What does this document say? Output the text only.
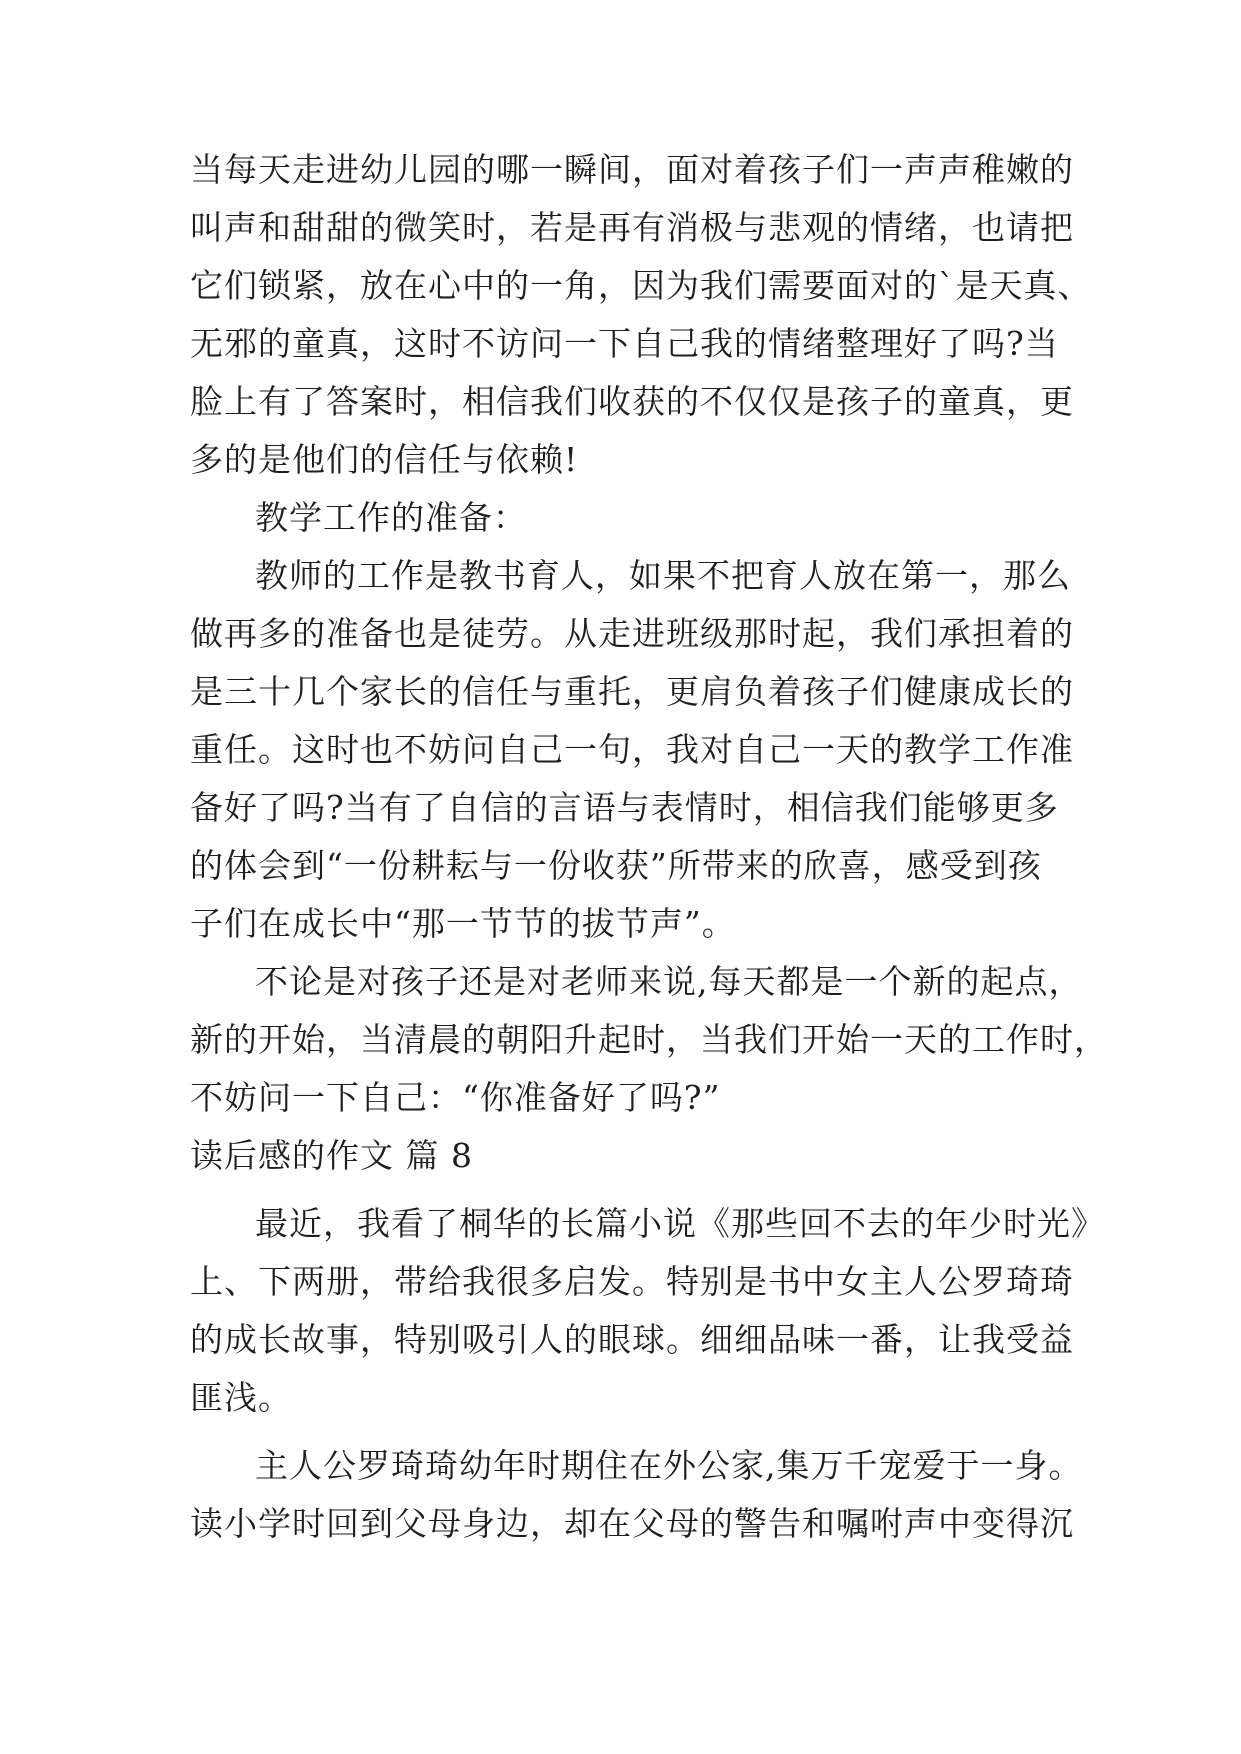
当每天走进幼儿园的哪一瞬间，面对着孩子们一声声稚嫩的
叫声和甜甜的微笑时，若是再有消极与悲观的情绪，也请把
它们锁紧，放在心中的一角，因为我们需要面对的`是天真、
无邪的童真，这时不访问一下自己我的情绪整理好了吗?当
脸上有了答案时，相信我们收获的不仅仅是孩子的童真，更
多的是他们的信任与依赖!
教学工作的准备：
教师的工作是教书育人，如果不把育人放在第一，那么
做再多的准备也是徒劳。从走进班级那时起，我们承担着的
是三十几个家长的信任与重托，更肩负着孩子们健康成长的
重任。这时也不妨问自己一句，我对自己一天的教学工作准
备好了吗?当有了自信的言语与表情时，相信我们能够更多
的体会到“一份耕耘与一份收获”所带来的欣喜，感受到孩
子们在成长中“那一节节的拔节声”。
不论是对孩子还是对老师来说,每天都是一个新的起点，
新的开始，当清晨的朝阳升起时，当我们开始一天的工作时，
不妨问一下自己：“你准备好了吗?”
读后感的作文 篇 8
最近，我看了桐华的长篇小说《那些回不去的年少时光》
上、下两册，带给我很多启发。特别是书中女主人公罗琦琦
的成长故事，特别吸引人的眼球。细细品味一番，让我受益
匪浅。
主人公罗琦琦幼年时期住在外公家,集万千宠爱于一身。
读小学时回到父母身边，却在父母的警告和嘱咐声中变得沉
